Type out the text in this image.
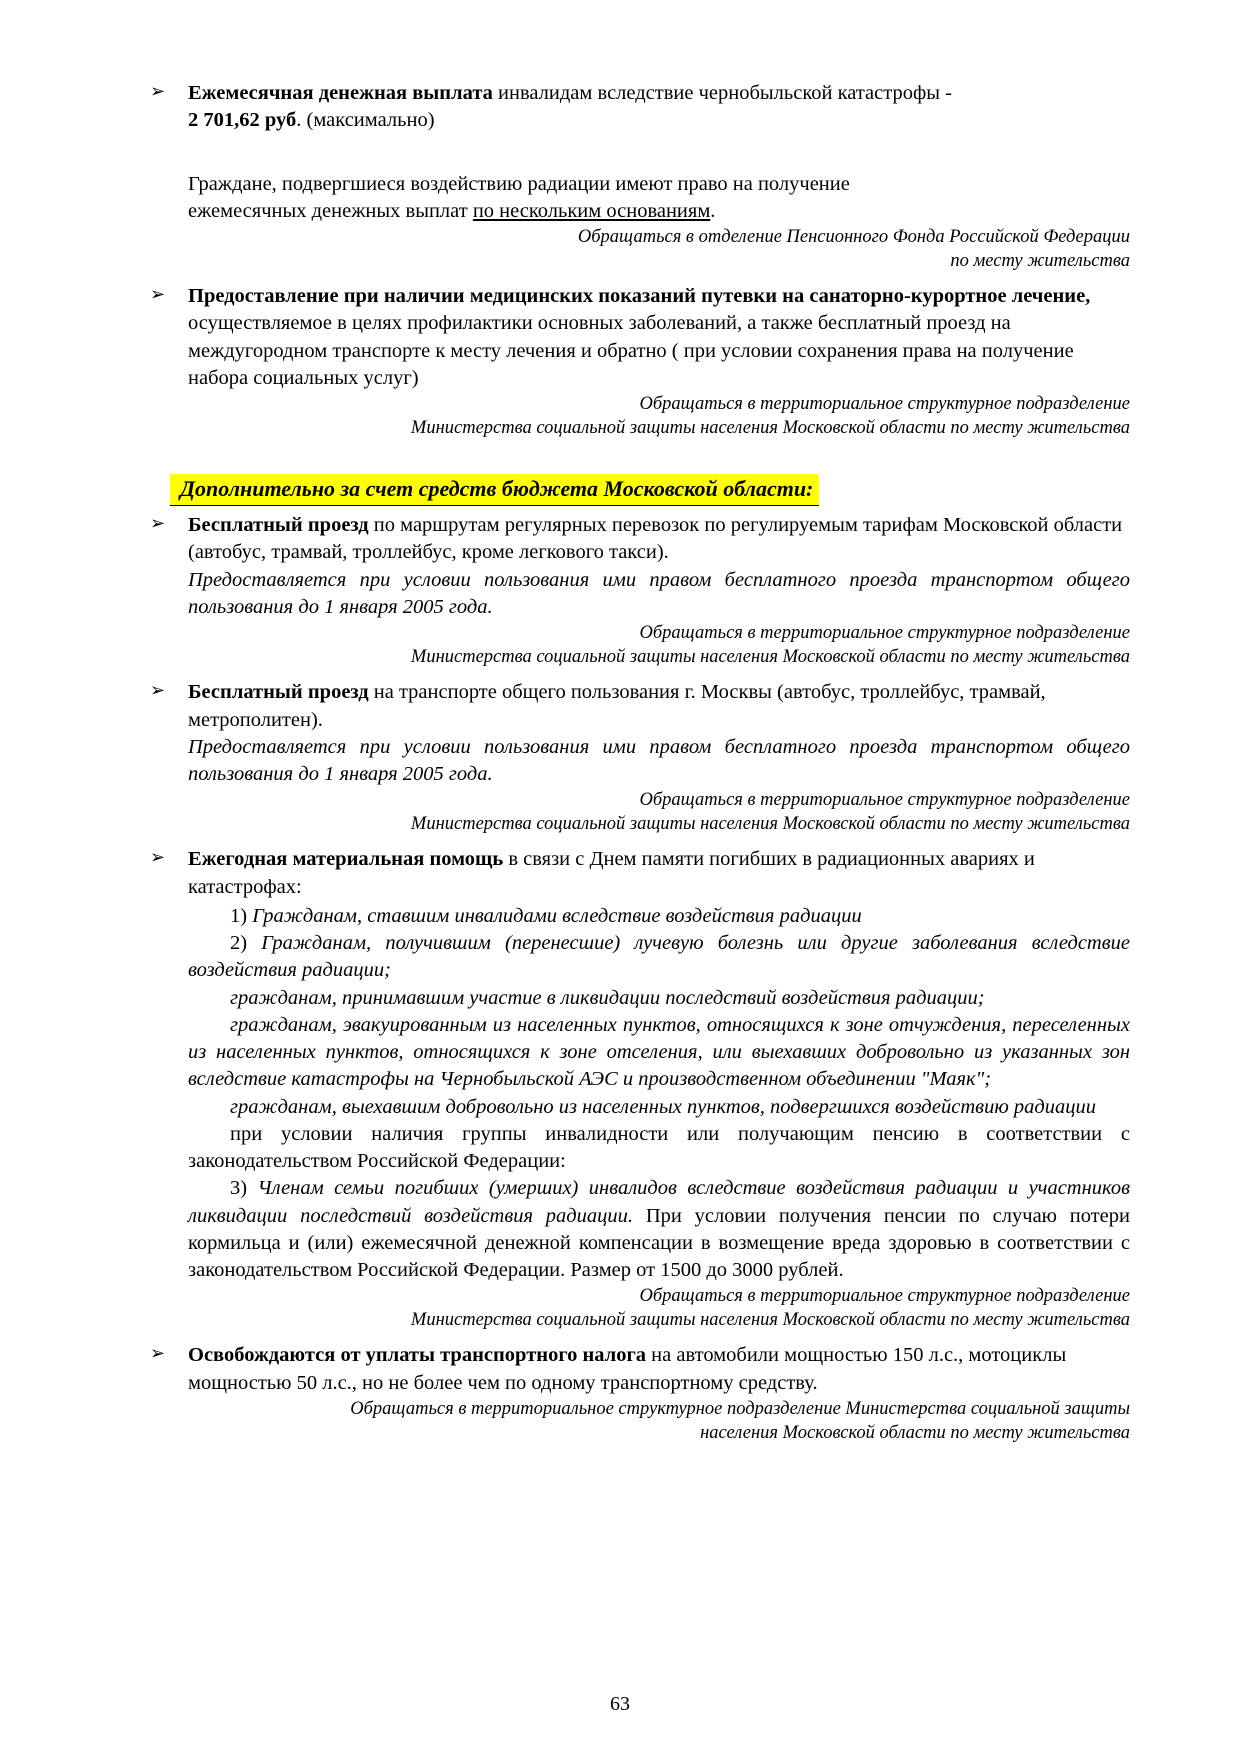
➢ Ежемесячная денежная выплата инвалидам вследствие чернобыльской катастрофы -
2 701,62 руб. (максимально)

Граждане, подвергшиеся воздействию радиации имеют право на получение
ежемесячных денежных выплат по нескольким основаниям.

Обращаться в отделение Пенсионного Фонда Российской Федерации
по месту жительства
➢ Предоставление при наличии медицинских показаний путевки на санаторно-курортное лечение, осуществляемое в целях профилактики основных заболеваний, а также бесплатный проезд на междугородном транспорте к месту лечения и обратно ( при условии сохранения права на получение набора социальных услуг)

Обращаться в территориальное структурное подразделение
Министерства социальной защиты населения Московской области по месту жительства
Дополнительно за счет средств бюджета Московской области:
➢ Бесплатный проезд по маршрутам регулярных перевозок по регулируемым тарифам Московской области (автобус, трамвай, троллейбус, кроме легкового такси).

Предоставляется при условии пользования ими правом бесплатного проезда транспортом общего пользования до 1 января 2005 года.

Обращаться в территориальное структурное подразделение
Министерства социальной защиты населения Московской области по месту жительства
➢ Бесплатный проезд на транспорте общего пользования г. Москвы (автобус, троллейбус, трамвай, метрополитен).

Предоставляется при условии пользования ими правом бесплатного проезда транспортом общего пользования до 1 января 2005 года.

Обращаться в территориальное структурное подразделение
Министерства социальной защиты населения Московской области по месту жительства
➢ Ежегодная материальная помощь в связи с Днем памяти погибших в радиационных авариях и катастрофах:

1) Гражданам, ставшим инвалидами вследствие воздействия радиации

2) Гражданам, получившим (перенесшие) лучевую болезнь или другие заболевания вследствие воздействия радиации;

гражданам, принимавшим участие в ликвидации последствий воздействия радиации;

гражданам, эвакуированным из населенных пунктов, относящихся к зоне отчуждения, переселенных из населенных пунктов, относящихся к зоне отселения, или выехавших добровольно из указанных зон вследствие катастрофы на Чернобыльской АЭС и производственном объединении "Маяк";

гражданам, выехавшим добровольно из населенных пунктов, подвергшихся воздействию радиации

при условии наличия группы инвалидности или получающим пенсию в соответствии с законодательством Российской Федерации:

3) Членам семьи погибших (умерших) инвалидов вследствие воздействия радиации и участников ликвидации последствий воздействия радиации. При условии получения пенсии по случаю потери кормильца и (или) ежемесячной денежной компенсации в возмещение вреда здоровью в соответствии с законодательством Российской Федерации. Размер от 1500 до 3000 рублей.

Обращаться в территориальное структурное подразделение
Министерства социальной защиты населения Московской области по месту жительства
➢ Освобождаются от уплаты транспортного налога на автомобили мощностью 150 л.с., мотоциклы мощностью 50 л.с., но не более чем по одному транспортному средству.

Обращаться в территориальное структурное подразделение Министерства социальной защиты
населения Московской области по месту жительства
63
